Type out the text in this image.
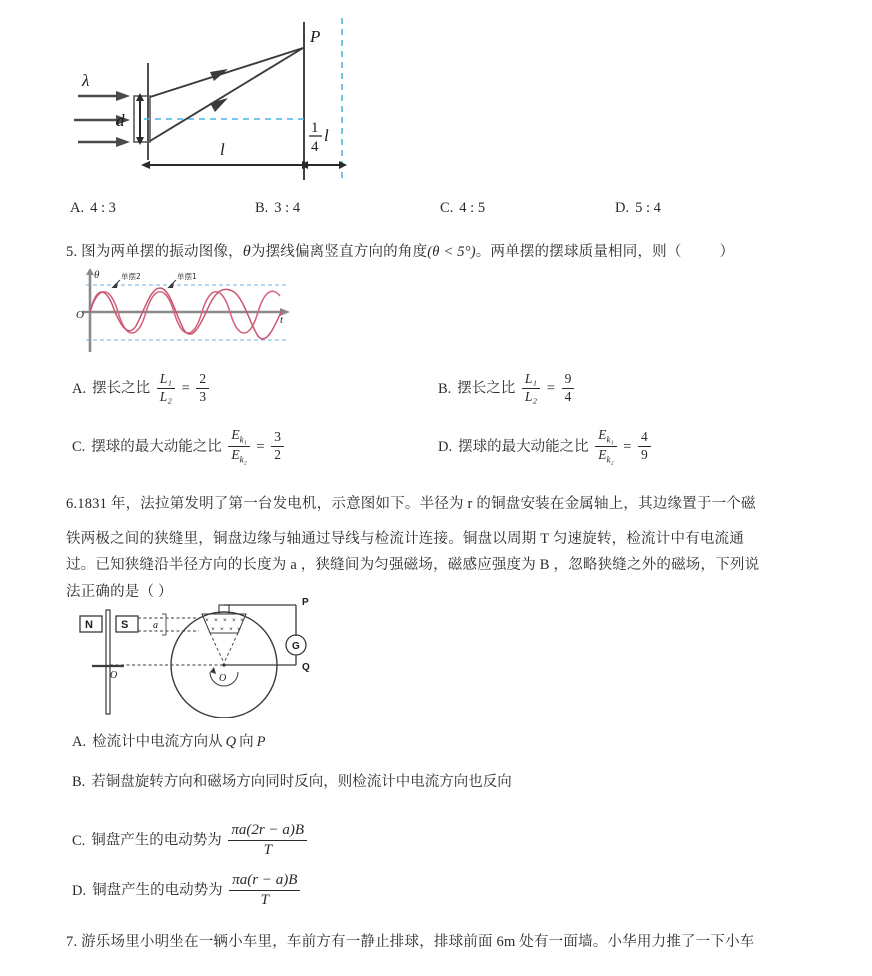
λ
d
P
l
1
4
l
A. 4 : 3	B. 3 : 4	C. 4 : 5	D. 5 : 4
5. 图为两单摆的振动图像，θ为摆线偏离竖直方向的角度(θ < 5°)。两单摆的摆球质量相同，则（	）
θ
O	t
单摆2	单摆1
A. 摆长之比 $\frac{\text{L₁}}{\text{L₂}} = \frac{2}{3}$	B. 摆长之比 $\frac{\text{L₁}}{\text{L₂}} = \frac{9}{4}$
C. 摆球的最大动能之比 $\frac{E_{k_1}}{E_{k_2}} = \frac{3}{2}$	D. 摆球的最大动能之比 $\frac{E_{k_1}}{E_{k_2}} = \frac{4}{9}$
6.1831 年，法拉第发明了第一台发电机，示意图如下。半径为 r 的铜盘安装在金属轴上，其边缘置于一个磁
铁两极之间的狭缝里，铜盘边缘与轴通过导线与检流计连接。铜盘以周期 T 匀速旋转，检流计中有电流通
过。已知狭缝沿半径方向的长度为 a ，狭缝间为匀强磁场，磁感应强度为 B ，忽略狭缝之外的磁场，下列说
法正确的是（ ）
N	S
O
a	× × × × ×
× × × ×
O
G
P
Q
A. 检流计中电流方向从 Q 向 P
B. 若铜盘旋转方向和磁场方向同时反向，则检流计中电流方向也反向
C. 铜盘产生的电动势为 $\frac{\pi a(2r - a)B}{T}$
D. 铜盘产生的电动势为 $\frac{\pi a(r - a)B}{T}$
7. 游乐场里小明坐在一辆小车里，车前方有一静止排球，排球前面 6m 处有一面墙。小华用力推了一下小车
